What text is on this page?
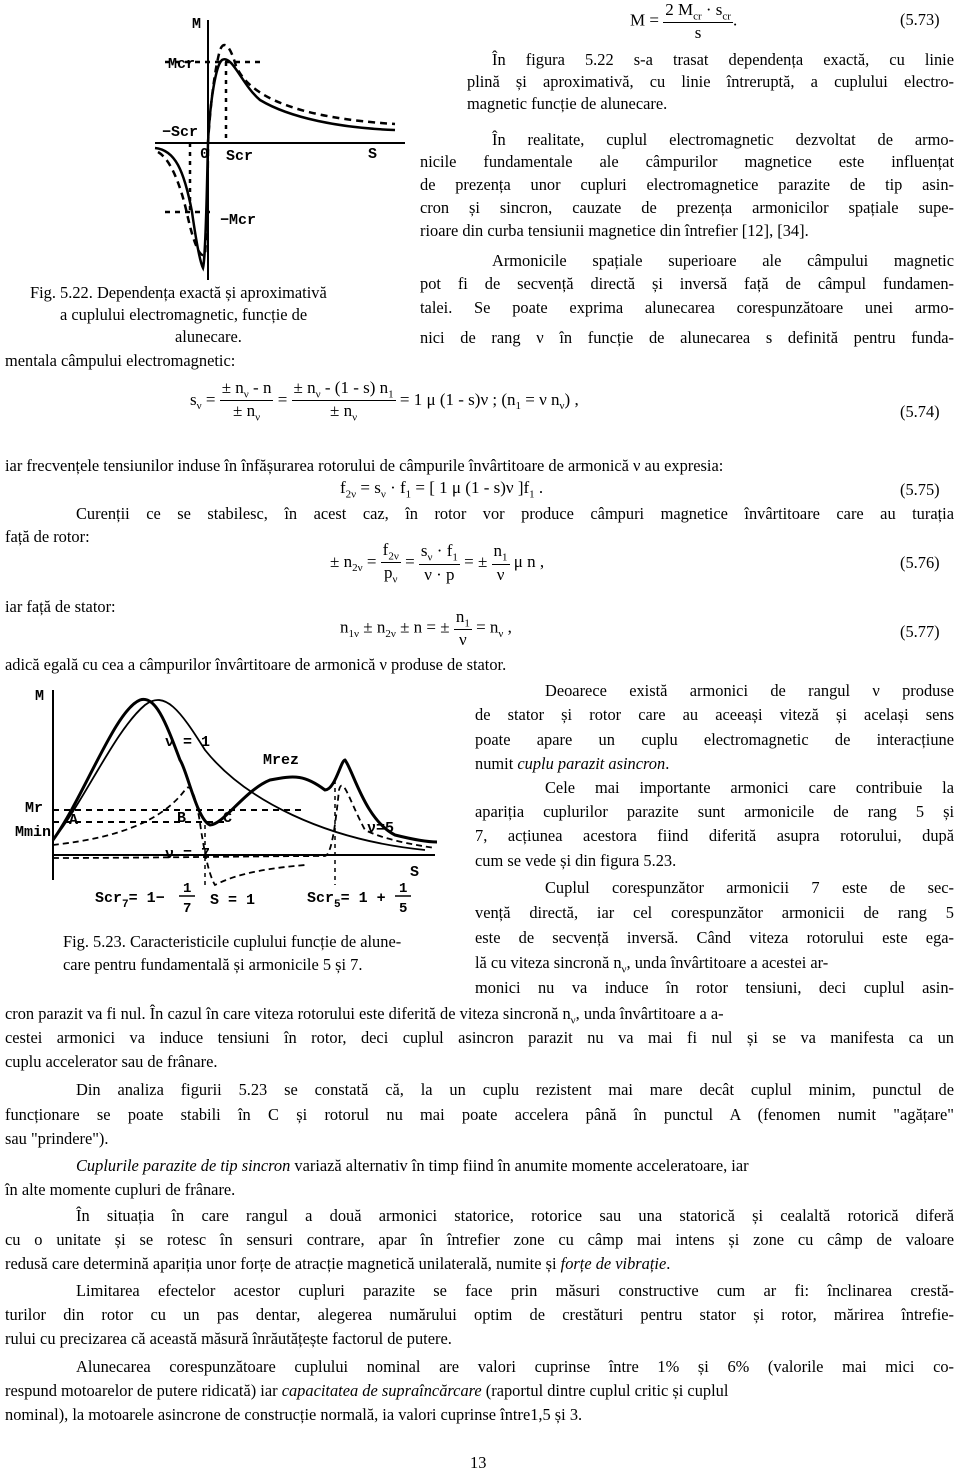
M
Mcr
−Scr
0 Scr	S
−Mcr
Fig. 5.22. Dependența exactă și aproximativă
a cuplului electromagnetic, funcție de
alunecare.
$M = \frac{2 M_{cr} \cdot s_{cr}}{s}$ .	(5.73)
În figura 5.22 s-a trasat dependența exactă, cu linie
plină și aproximativă, cu linie întreruptă, a cuplului electro-
magnetic funcție de alunecare.
În realitate, cuplul electromagnetic dezvoltat de armo-
nicile fundamentale ale câmpurilor magnetice este influențat
de prezența unor cupluri electromagnetice parazite de tip asin-
cron și sincron, cauzate de prezența armonicilor spațiale supe-
rioare din curba tensiunii magnetice din întrefier [12], [34].
Armonicile spațiale superioare ale câmpului magnetic
pot fi de secvență directă și inversă față de câmpul fundamen-
talei. Se poate exprima alunecarea corespunzătoare unei armo-
nici de rang ν în funcție de alunecarea s definită pentru funda-
mentala câmpului electromagnetic:
$s_\nu = \frac{\pm n_\nu - n}{\pm n_\nu} = \frac{\pm n_\nu - (1 - s) n_1}{\pm n_\nu} = 1$ μ (1 - s)ν ; ($n_1 = \nu$ $n_\nu$) ,
(5.74)
iar frecvențele tensiunilor induse în înfășurarea rotorului de câmpurile învârtitoare de armonică ν au expresia:
$f_{2\nu} = s_\nu \cdot f_1$ = [ 1 μ (1 - s)ν ]$f_1$ .	(5.75)
Curenții ce se stabilesc, în acest caz, în rotor vor produce câmpuri magnetice învârtitoare care au turația
față de rotor:
± $n_{2\nu} = \frac{f_{2\nu}}{p_\nu} = \frac{s_\nu \cdot f_1}{\nu \cdot p}$ = ± $\frac{n_1}{\nu}$ μ n ,	(5.76)
iar față de stator:
$n_{1\nu} \pm n_{2\nu} \pm n$ = ± $\frac{n_1}{\nu} = n_\nu$ ,	(5.77)
adică egală cu cea a câmpurilor învârtitoare de armonică ν produse de stator.
M
ν = 1
Mrez
Mr
Mmin
A	B C
ν=5
ν = 7
S
Scr$_7$= 1−
1
7 S = 1	Scr$_5$= 1 +
1
5
Fig. 5.23. Caracteristicile cuplului funcție de alune-
care pentru fundamentală și armonicile 5 și 7.
Deoarece există armonici de rangul ν produse
de stator și rotor care au aceeași viteză și același sens
poate apare un cuplu electromagnetic de interacțiune
numit cuplu parazit asincron.
Cele mai importante armonici care contribuie la
apariția cuplurilor parazite sunt armonicile de rang 5 și
7, acțiunea acestora fiind diferită asupra rotorului, după
cum se vede și din figura 5.23.
Cuplul corespunzător armonicii 7 este de sec-
vență directă, iar cel corespunzător armonicii de rang 5
este de secvență inversă. Când viteza rotorului este ega-
lă cu viteza sincronă $n_\nu$, unda învârtitoare a acestei ar-
monici nu va induce în rotor tensiuni, deci cuplul asin-
cron parazit va fi nul. În cazul în care viteza rotorului este diferită de viteza sincronă $n_\nu$, unda învârtitoare a a-
cestei armonici va induce tensiuni în rotor, deci cuplul asincron parazit nu va mai fi nul și se va manifesta ca un
cuplu accelerator sau de frânare.
Din analiza figurii 5.23 se constată că, la un cuplu rezistent mai mare decât cuplul minim, punctul de
funcționare se poate stabili în C și rotorul nu mai poate accelera până în punctul A (fenomen numit "agățare"
sau "prindere").
Cuplurile parazite de tip sincron variază alternativ în timp fiind în anumite momente acceleratoare, iar
în alte momente cupluri de frânare.
În situația în care rangul a două armonici statorice, rotorice sau una statorică și cealaltă rotorică diferă
cu o unitate și se rotesc în sensuri contrare, apar în întrefier zone cu câmp mai intens și zone cu câmp de valoare
redusă care determină apariția unor forțe de atracție magnetică unilaterală, numite și forțe de vibrație.
Limitarea efectelor acestor cupluri parazite se face prin măsuri constructive cum ar fi: înclinarea crestă-
turilor din rotor cu un pas dentar, alegerea numărului optim de crestături pentru stator și rotor, mărirea întrefie-
rului cu precizarea că această măsură înrăutățește factorul de putere.
Alunecarea corespunzătoare cuplului nominal are valori cuprinse între 1% și 6% (valorile mai mici co-
respund motoarelor de putere ridicată) iar capacitatea de supraîncărcare (raportul dintre cuplul critic și cuplul
nominal), la motoarele asincrone de construcție normală, ia valori cuprinse între1,5 și 3.
13
